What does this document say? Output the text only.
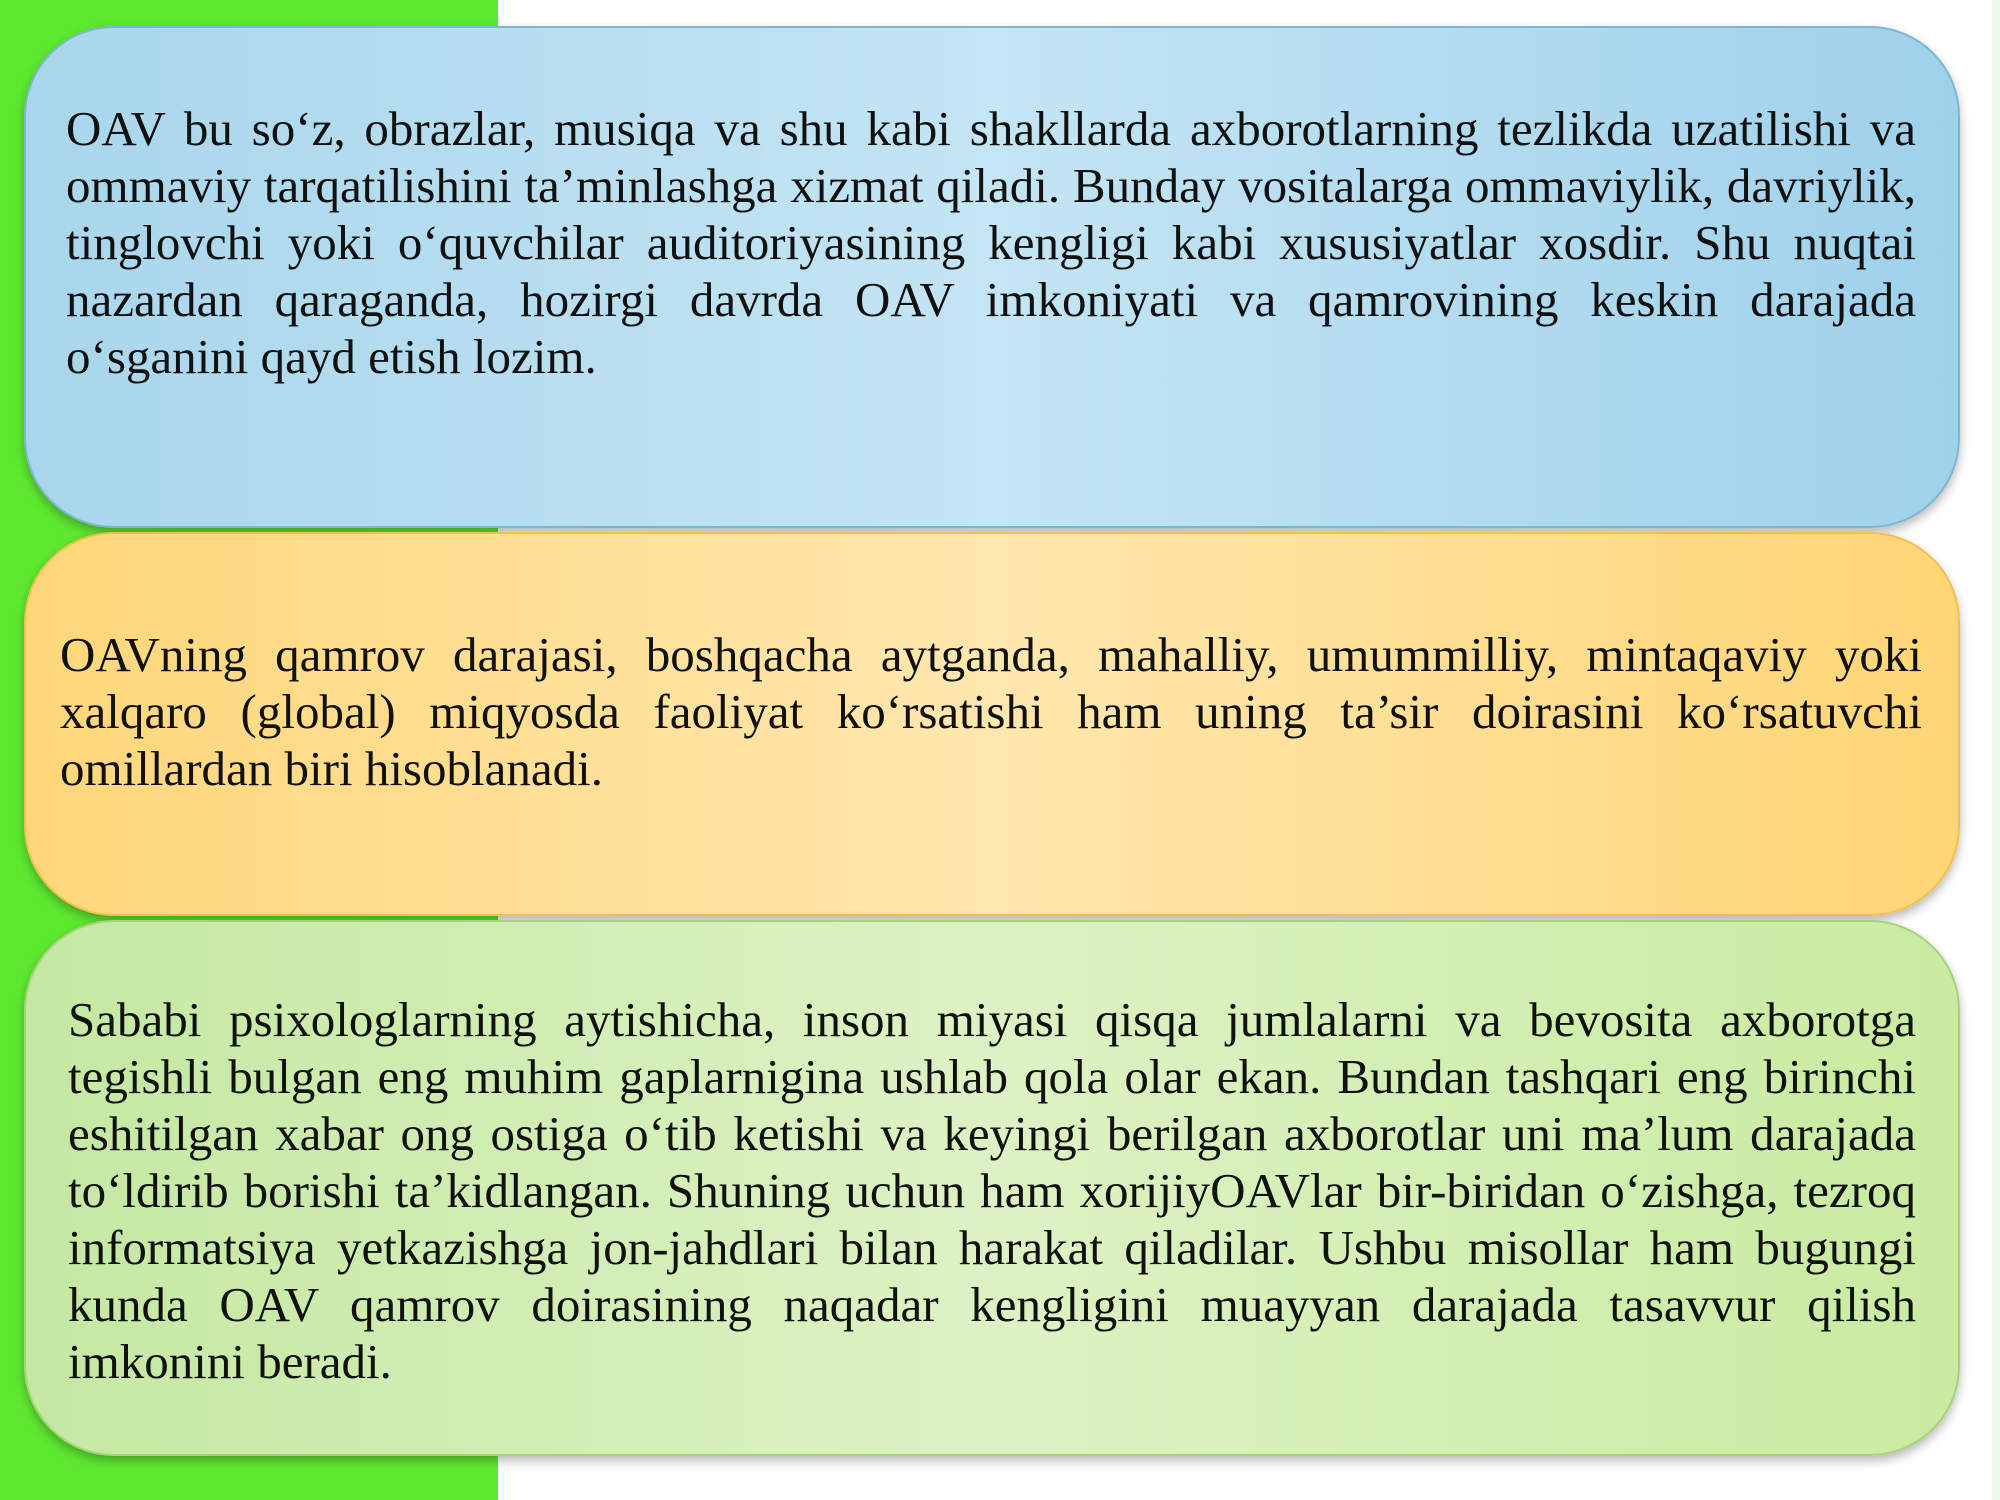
OAV bu so‘z, obrazlar, musiqa va shu kabi shakllarda axborotlarning tezlikda uzatilishi va ommaviy tarqatilishini ta’minlashga xizmat qiladi. Bunday vositalarga ommaviylik, davriylik, tinglovchi yoki o‘quvchilar auditoriyasining kengligi kabi xususiyatlar xosdir. Shu nuqtai nazardan qaraganda, hozirgi davrda OAV imkoniyati va qamrovining keskin darajada o‘sganini qayd etish lozim.

OAVning qamrov darajasi, boshqacha aytganda, mahalliy, umummilliy, mintaqaviy yoki xalqaro (global) miqyosda faoliyat ko‘rsatishi ham uning ta’sir doirasini ko‘rsatuvchi omillardan biri hisoblanadi.

Sababi psixologlarning aytishicha, inson miyasi qisqa jumlalarni va bevosita axborotga tegishli bulgan eng muhim gaplarnigina ushlab qola olar ekan. Bundan tashqari eng birinchi eshitilgan xabar ong ostiga o‘tib ketishi va keyingi berilgan axborotlar uni ma’lum darajada to‘ldirib borishi ta’kidlangan. Shuning uchun ham xorijiyOAVlar bir-biridan o‘zishga, tezroq informatsiya yetkazishga jon-jahdlari bilan harakat qiladilar. Ushbu misollar ham bugungi kunda OAV qamrov doirasining naqadar kengligini muayyan darajada tasavvur qilish imkonini beradi.
